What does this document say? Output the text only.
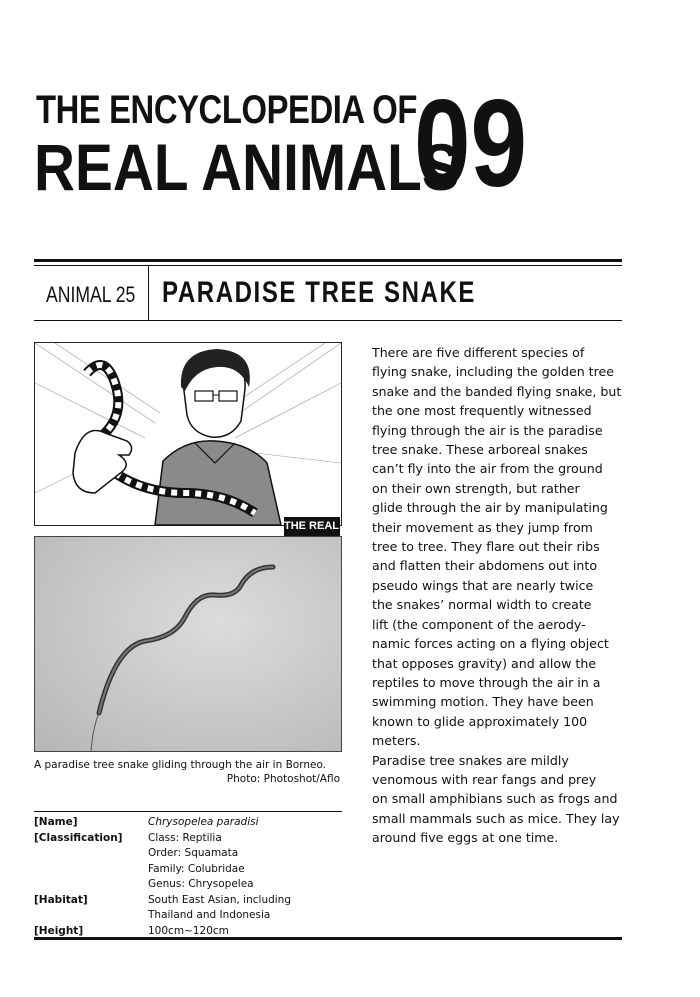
THE ENCYCLOPEDIA OF
REAL ANIMALS
09
ANIMAL 25 PARADISE TREE SNAKE
THE REAL THING
A paradise tree snake gliding through the air in Borneo.
Photo: Photoshot/Aflo
[Name]	Chrysopelea paradisi
[Classification]	Class: Reptilia
Order: Squamata
Family: Colubridae
Genus: Chrysopelea
[Habitat]	South East Asian, including
Thailand and Indonesia
[Height]	100cm~120cm
There are five different species of
flying snake, including the golden tree
snake and the banded flying snake, but
the one most frequently witnessed
flying through the air is the paradise
tree snake. These arboreal snakes
can’t fly into the air from the ground
on their own strength, but rather
glide through the air by manipulating
their movement as they jump from
tree to tree. They flare out their ribs
and flatten their abdomens out into
pseudo wings that are nearly twice
the snakes’ normal width to create
lift (the component of the aerody-
namic forces acting on a flying object
that opposes gravity) and allow the
reptiles to move through the air in a
swimming motion. They have been
known to glide approximately 100
meters.
Paradise tree snakes are mildly
venomous with rear fangs and prey
on small amphibians such as frogs and
small mammals such as mice. They lay
around five eggs at one time.
